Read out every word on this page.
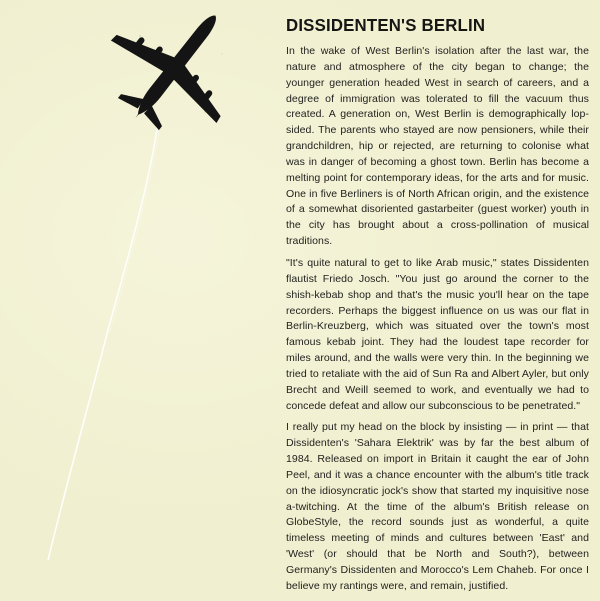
DISSIDENTEN'S BERLIN

In the wake of West Berlin's isolation after the last war, the nature and atmosphere of the city began to change; the younger generation headed West in search of careers, and a degree of immigration was tolerated to fill the vacuum thus created. A generation on, West Berlin is demographically lop-sided. The parents who stayed are now pensioners, while their grandchildren, hip or rejected, are returning to colonise what was in danger of becoming a ghost town. Berlin has become a melting point for contemporary ideas, for the arts and for music. One in five Berliners is of North African origin, and the existence of a somewhat disoriented gastarbeiter (guest worker) youth in the city has brought about a cross-pollination of musical traditions.

"It's quite natural to get to like Arab music," states Dissidenten flautist Friedo Josch. "You just go around the corner to the shish-kebab shop and that's the music you'll hear on the tape recorders. Perhaps the biggest influence on us was our flat in Berlin-Kreuzberg, which was situated over the town's most famous kebab joint. They had the loudest tape recorder for miles around, and the walls were very thin. In the beginning we tried to retaliate with the aid of Sun Ra and Albert Ayler, but only Brecht and Weill seemed to work, and eventually we had to concede defeat and allow our subconscious to be penetrated."

I really put my head on the block by insisting — in print — that Dissidenten's 'Sahara Elektrik' was by far the best album of 1984. Released on import in Britain it caught the ear of John Peel, and it was a chance encounter with the album's title track on the idiosyncratic jock's show that started my inquisitive nose a-twitching. At the time of the album's British release on GlobeStyle, the record sounds just as wonderful, a quite timeless meeting of minds and cultures between 'East' and 'West' (or should that be North and South?), between Germany's Dissidenten and Morocco's Lem Chaheb. For once I believe my rantings were, and remain, justified.
